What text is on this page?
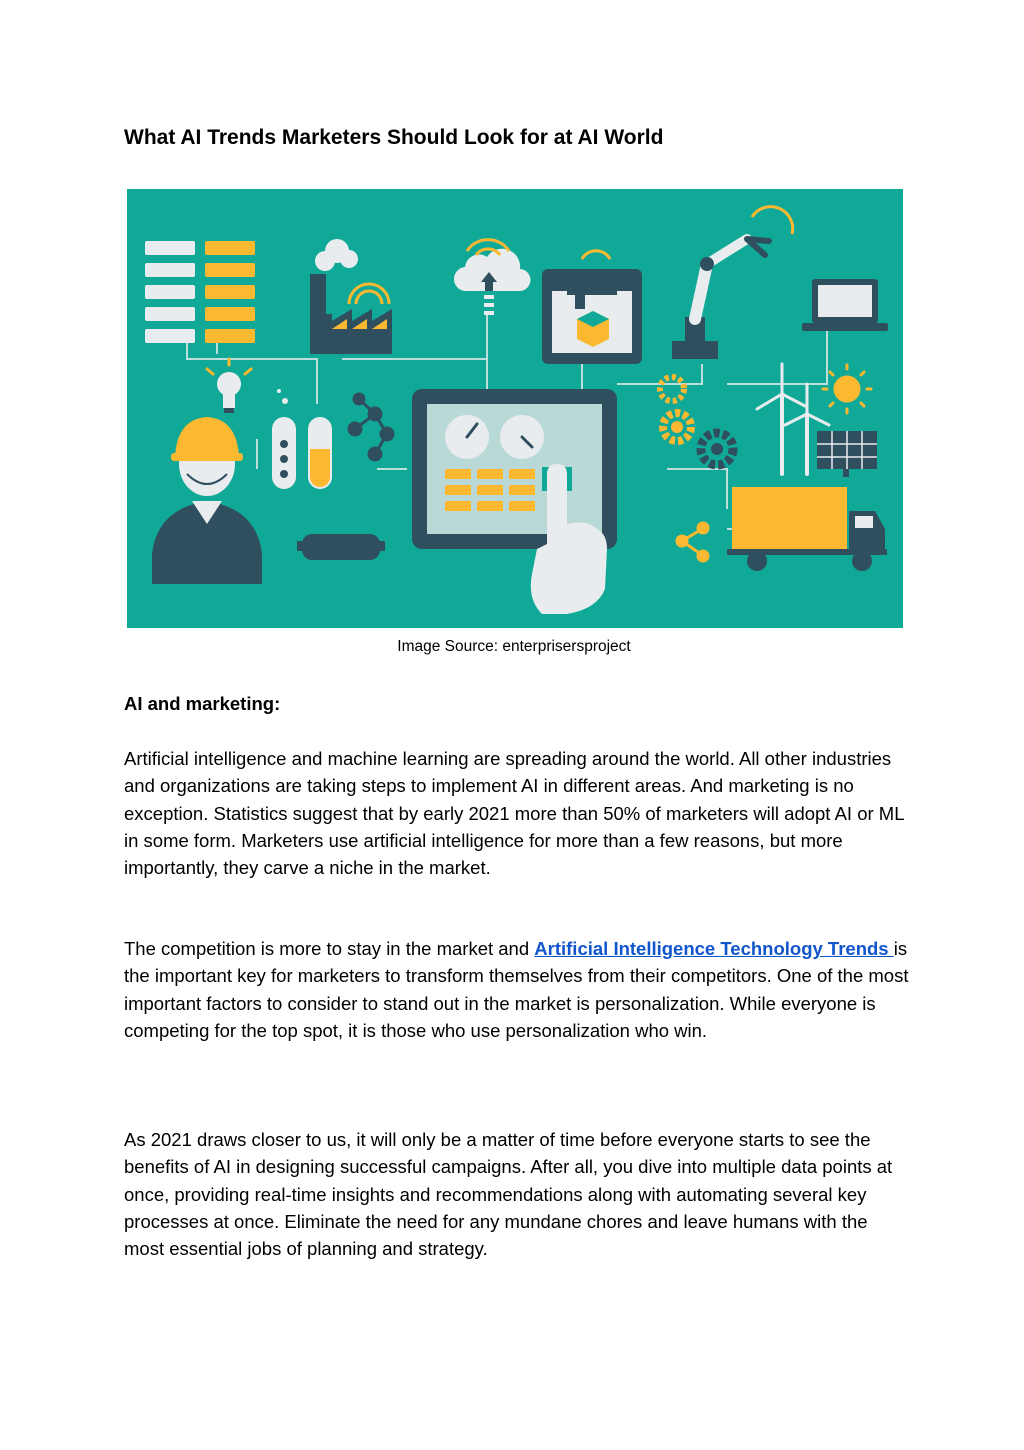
What AI Trends Marketers Should Look for at AI World
Image Source: enterprisersproject
AI and marketing:

Artificial intelligence and machine learning are spreading around the world. All other industries and organizations are taking steps to implement AI in different areas. And marketing is no exception. Statistics suggest that by early 2021 more than 50% of marketers will adopt AI or ML in some form. Marketers use artificial intelligence for more than a few reasons, but more importantly, they carve a niche in the market.

The competition is more to stay in the market and Artificial Intelligence Technology Trends is the important key for marketers to transform themselves from their competitors. One of the most important factors to consider to stand out in the market is personalization. While everyone is competing for the top spot, it is those who use personalization who win.

As 2021 draws closer to us, it will only be a matter of time before everyone starts to see the benefits of AI in designing successful campaigns. After all, you dive into multiple data points at once, providing real-time insights and recommendations along with automating several key processes at once. Eliminate the need for any mundane chores and leave humans with the most essential jobs of planning and strategy.
